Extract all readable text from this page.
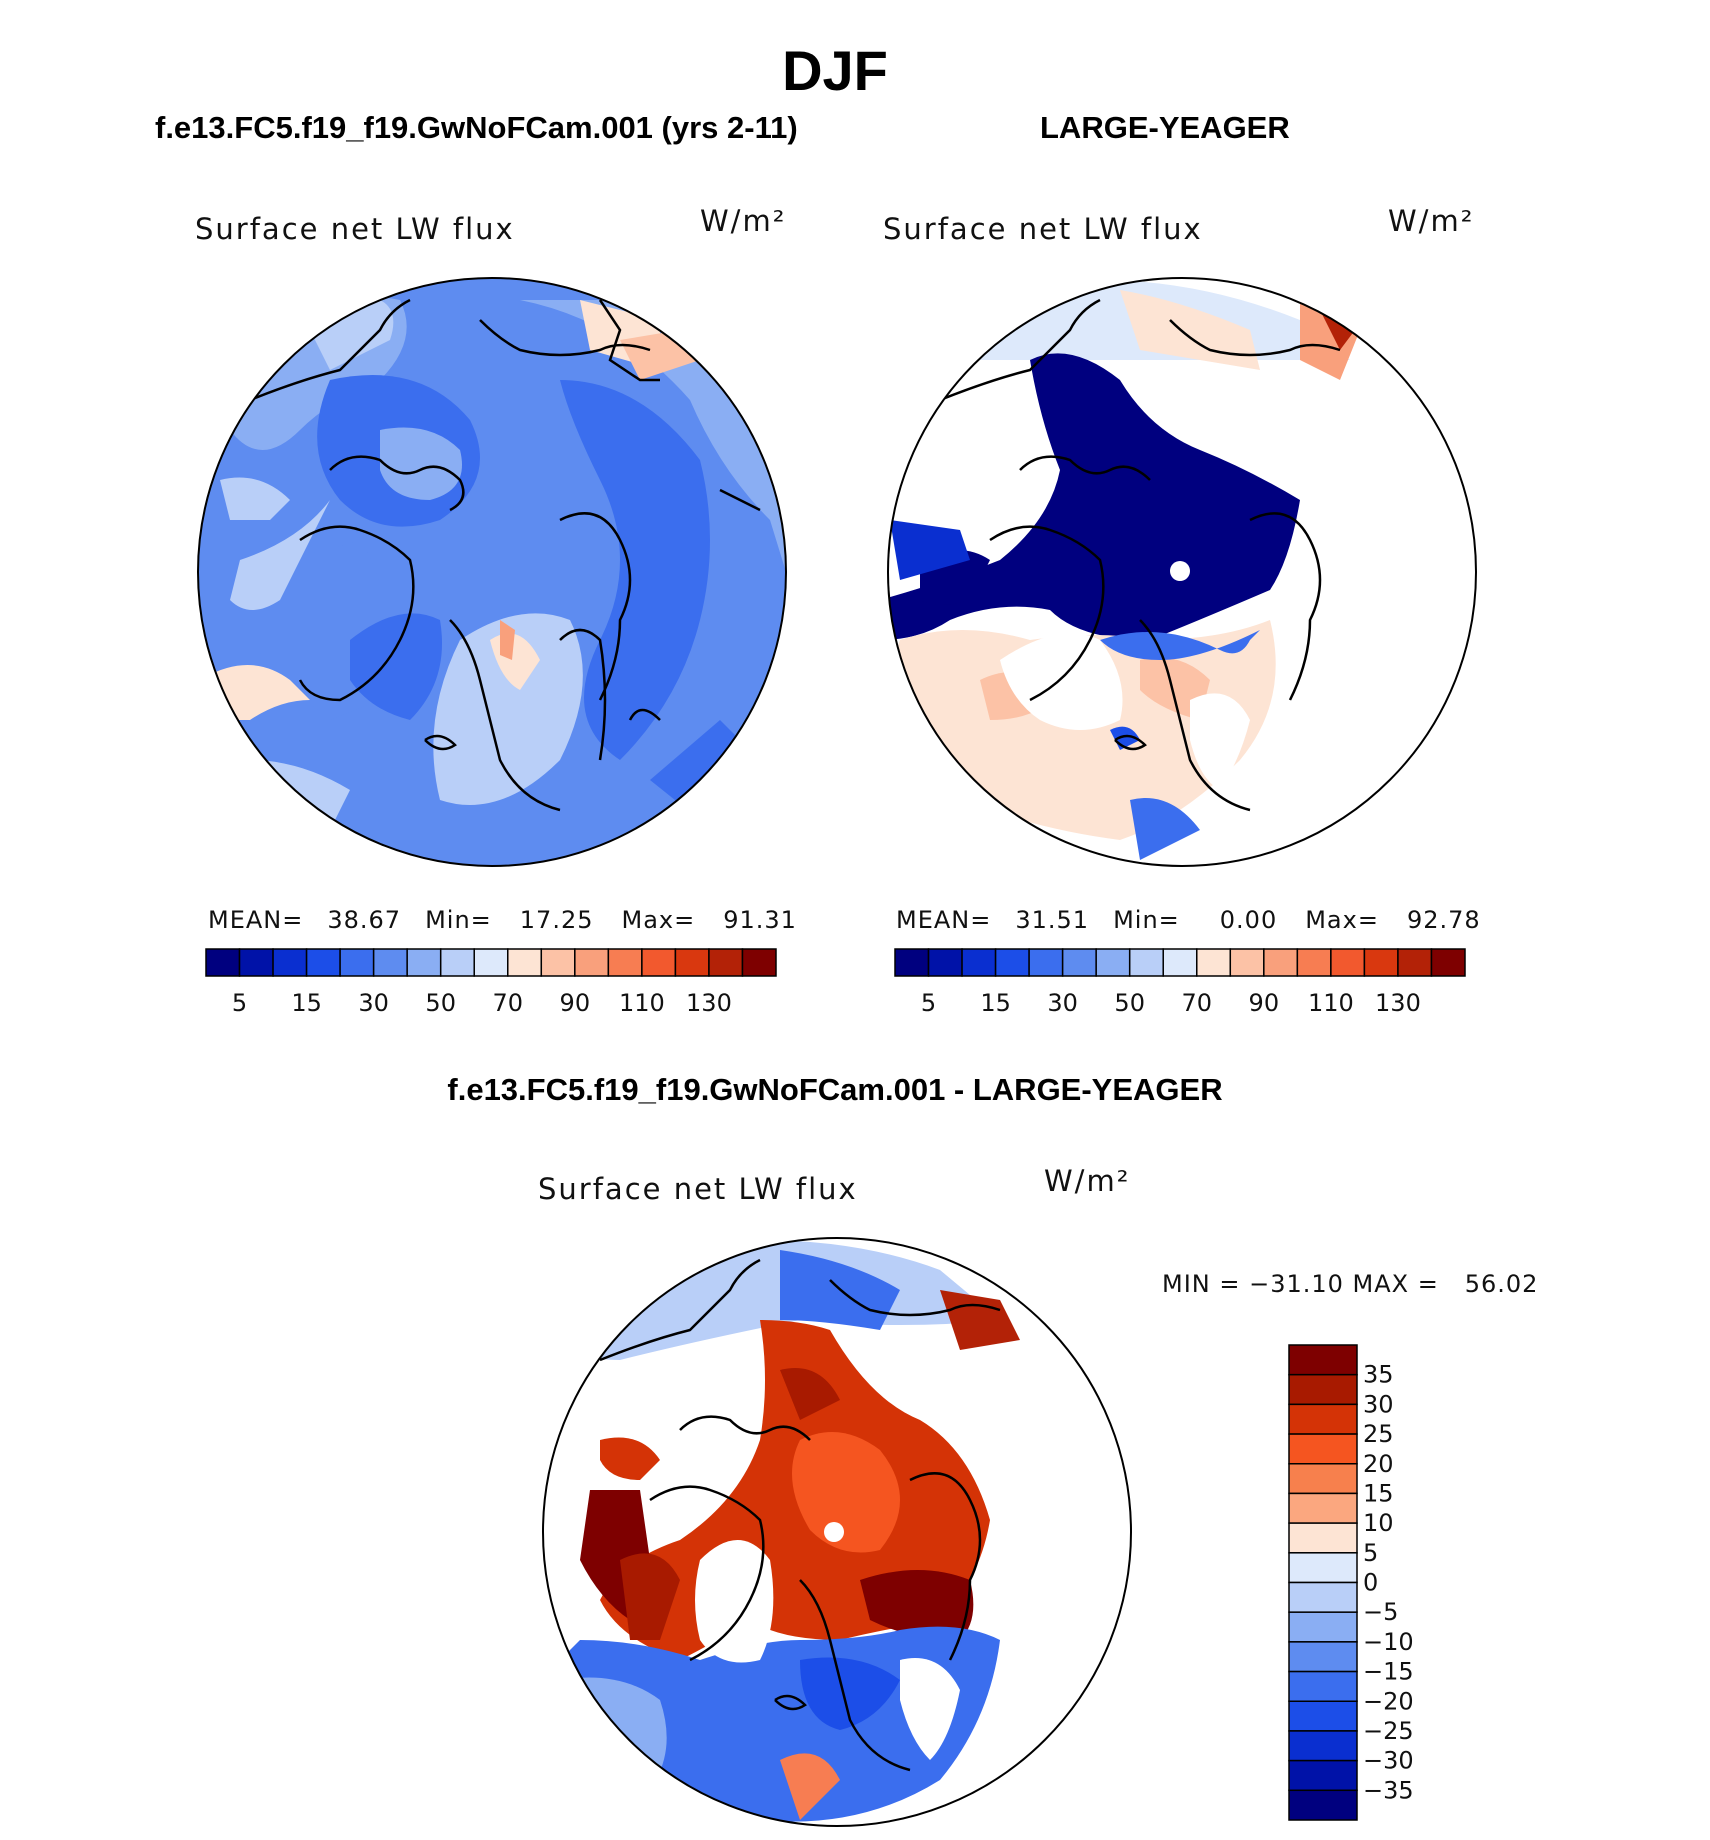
DJF
f.e13.FC5.f19_f19.GwNoFCam.001 (yrs 2-11)	LARGE-YEAGER
f.e13.FC5.f19_f19.GwNoFCam.001 - LARGE-YEAGER
Surface net LW flux	W/m²	Surface net LW flux	W/m²
Surface net LW flux	W/m²
MEAN= 38.67 Min= 17.25 Max= 91.31	MEAN= 31.51 Min= 0.00 Max= 92.78
MIN = −31.10 MAX =   56.02
5 15 30 50 70 90 110 130	5 15 30 50 70 90 110 130
35
30
25
20
15
10
5
0
−5
−10
−15
−20
−25
−30
−35
